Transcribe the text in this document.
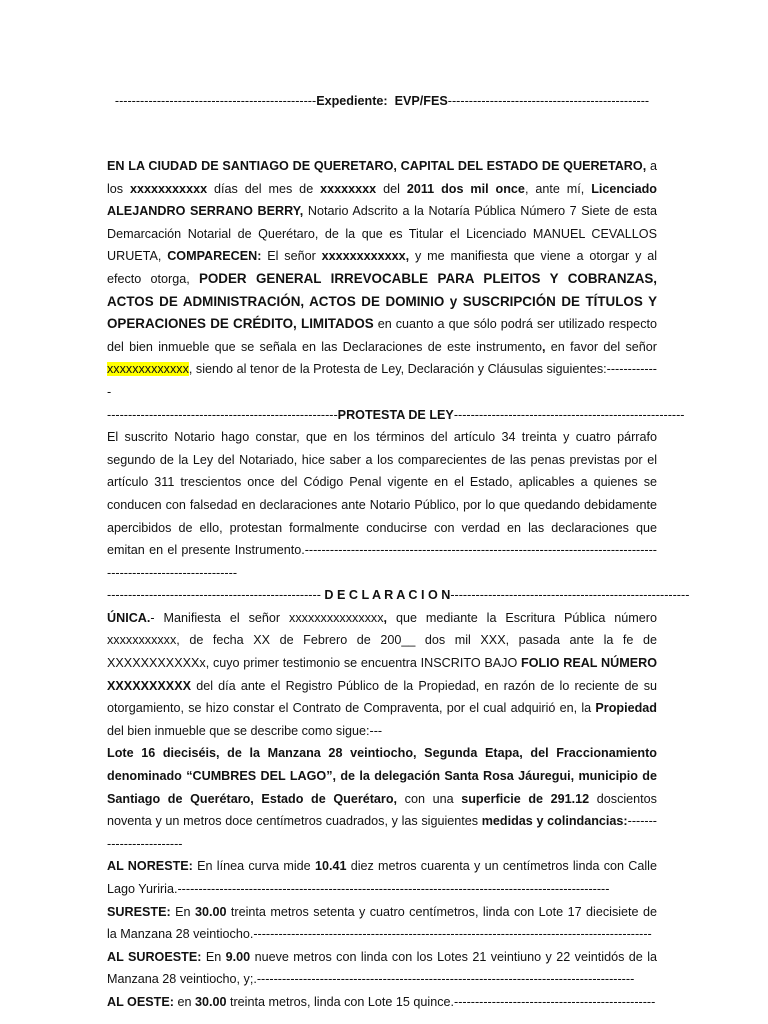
------------------------------------------------Expediente: EVP/FES------------------------------------------------

EN LA CIUDAD DE SANTIAGO DE QUERETARO, CAPITAL DEL ESTADO DE QUERETARO, a los xxxxxxxxxxx días del mes de xxxxxxxx del 2011 dos mil once, ante mí, Licenciado ALEJANDRO SERRANO BERRY, Notario Adscrito a la Notaría Pública Número 7 Siete de esta Demarcación Notarial de Querétaro, de la que es Titular el Licenciado MANUEL CEVALLOS URUETA, COMPARECEN: El señor xxxxxxxxxxxx, y me manifiesta que viene a otorgar y al efecto otorga, PODER GENERAL IRREVOCABLE PARA PLEITOS Y COBRANZAS, ACTOS DE ADMINISTRACIÓN, ACTOS DE DOMINIO y SUSCRIPCIÓN DE TÍTULOS Y OPERACIONES DE CRÉDITO, LIMITADOS en cuanto a que sólo podrá ser utilizado respecto del bien inmueble que se señala en las Declaraciones de este instrumento, en favor del señor xxxxxxxxxxxxx, siendo al tenor de la Protesta de Ley, Declaración y Cláusulas siguientes:-------------

-------------------------------------------------------PROTESTA DE LEY-------------------------------------------------------

El suscrito Notario hago constar, que en los términos del artículo 34 treinta y cuatro párrafo segundo de la Ley del Notariado, hice saber a los comparecientes de las penas previstas por el artículo 311 trescientos once del Código Penal vigente en el Estado, aplicables a quienes se conducen con falsedad en declaraciones ante Notario Público, por lo que quedando debidamente apercibidos de ello, protestan formalmente conducirse con verdad en las declaraciones que emitan en el presente Instrumento.-------------------------------------------------------------------------------------------------------------------

--------------------------------------------------- D E C L A R A C I O N---------------------------------------------------------

ÚNICA.- Manifiesta el señor xxxxxxxxxxxxxxx, que mediante la Escritura Pública número xxxxxxxxxxx, de fecha XX de Febrero de 200__ dos mil XXX, pasada ante la fe de XXXXXXXXXXXx, cuyo primer testimonio se encuentra INSCRITO BAJO FOLIO REAL NÚMERO XXXXXXXXXX del día ante el Registro Público de la Propiedad, en razón de lo reciente de su otorgamiento, se hizo constar el Contrato de Compraventa, por el cual adquirió en, la Propiedad del bien inmueble que se describe como sigue:---

Lote 16 dieciséis, de la Manzana 28 veintiocho, Segunda Etapa, del Fraccionamiento denominado “CUMBRES DEL LAGO”, de la delegación Santa Rosa Jáuregui, municipio de Santiago de Querétaro, Estado de Querétaro, con una superficie de 291.12 doscientos noventa y un metros doce centímetros cuadrados, y las siguientes medidas y colindancias:-------------------------

AL NORESTE: En línea curva mide 10.41 diez metros cuarenta y un centímetros linda con Calle Lago Yuriria.-------------------------------------------------------------------------------------------------------

SURESTE: En 30.00 treinta metros setenta y cuatro centímetros, linda con Lote 17 diecisiete de la Manzana 28 veintiocho.-----------------------------------------------------------------------------------------------

AL SUROESTE: En 9.00 nueve metros con linda con los Lotes 21 veintiuno y 22 veintidós de la Manzana 28 veintiocho, y;.------------------------------------------------------------------------------------------

AL OESTE: en 30.00 treinta metros, linda con Lote 15 quince.------------------------------------------------
